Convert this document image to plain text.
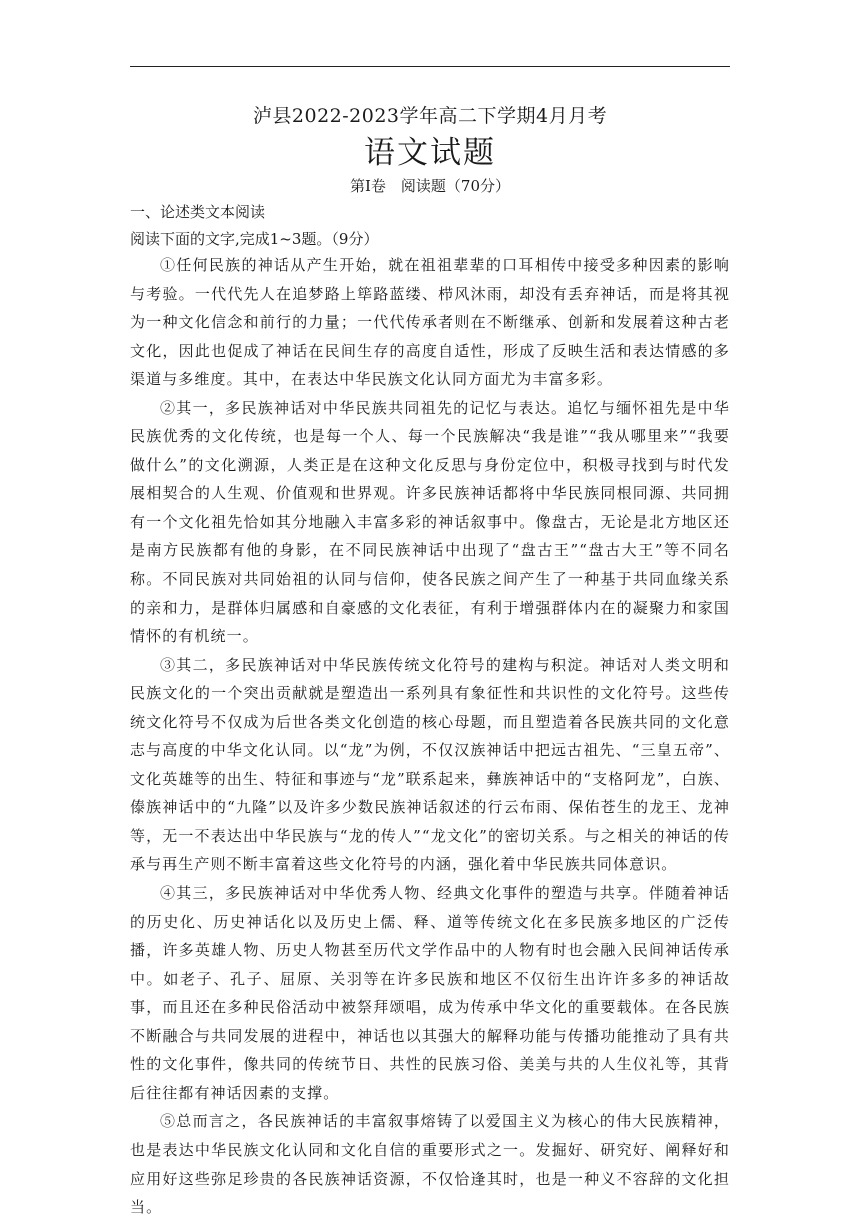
泸县2022-2023学年高二下学期4月月考
语文试题
第Ⅰ卷　阅读题（70分）
一、论述类文本阅读
阅读下面的文字,完成1~3题。（9分）

①任何民族的神话从产生开始，就在祖祖辈辈的口耳相传中接受多种因素的影响与考验。一代代先人在追梦路上筚路蓝缕、栉风沐雨，却没有丢弃神话，而是将其视为一种文化信念和前行的力量；一代代传承者则在不断继承、创新和发展着这种古老文化，因此也促成了神话在民间生存的高度自适性，形成了反映生活和表达情感的多渠道与多维度。其中，在表达中华民族文化认同方面尤为丰富多彩。

②其一，多民族神话对中华民族共同祖先的记忆与表达。追忆与缅怀祖先是中华民族优秀的文化传统，也是每一个人、每一个民族解决“我是谁”“我从哪里来”“我要做什么”的文化溯源，人类正是在这种文化反思与身份定位中，积极寻找到与时代发展相契合的人生观、价值观和世界观。许多民族神话都将中华民族同根同源、共同拥有一个文化祖先恰如其分地融入丰富多彩的神话叙事中。像盘古，无论是北方地区还是南方民族都有他的身影，在不同民族神话中出现了“盘古王”“盘古大王”等不同名称。不同民族对共同始祖的认同与信仰，使各民族之间产生了一种基于共同血缘关系的亲和力，是群体归属感和自豪感的文化表征，有利于增强群体内在的凝聚力和家国情怀的有机统一。

③其二，多民族神话对中华民族传统文化符号的建构与积淀。神话对人类文明和民族文化的一个突出贡献就是塑造出一系列具有象征性和共识性的文化符号。这些传统文化符号不仅成为后世各类文化创造的核心母题，而且塑造着各民族共同的文化意志与高度的中华文化认同。以“龙”为例，不仅汉族神话中把远古祖先、“三皇五帝”、文化英雄等的出生、特征和事迹与“龙”联系起来，彝族神话中的“支格阿龙”，白族、傣族神话中的“九隆”以及许多少数民族神话叙述的行云布雨、保佑苍生的龙王、龙神等，无一不表达出中华民族与“龙的传人”“龙文化”的密切关系。与之相关的神话的传承与再生产则不断丰富着这些文化符号的内涵，强化着中华民族共同体意识。

④其三，多民族神话对中华优秀人物、经典文化事件的塑造与共享。伴随着神话的历史化、历史神话化以及历史上儒、释、道等传统文化在多民族多地区的广泛传播，许多英雄人物、历史人物甚至历代文学作品中的人物有时也会融入民间神话传承中。如老子、孔子、屈原、关羽等在许多民族和地区不仅衍生出许许多多的神话故事，而且还在多种民俗活动中被祭拜颂唱，成为传承中华文化的重要载体。在各民族不断融合与共同发展的进程中，神话也以其强大的解释功能与传播功能推动了具有共性的文化事件，像共同的传统节日、共性的民族习俗、美美与共的人生仪礼等，其背后往往都有神话因素的支撑。

⑤总而言之，各民族神话的丰富叙事熔铸了以爱国主义为核心的伟大民族精神，也是表达中华民族文化认同和文化自信的重要形式之一。发掘好、研究好、阐释好和应用好这些弥足珍贵的各民族神话资源，不仅恰逢其时，也是一种义不容辞的文化担当。
